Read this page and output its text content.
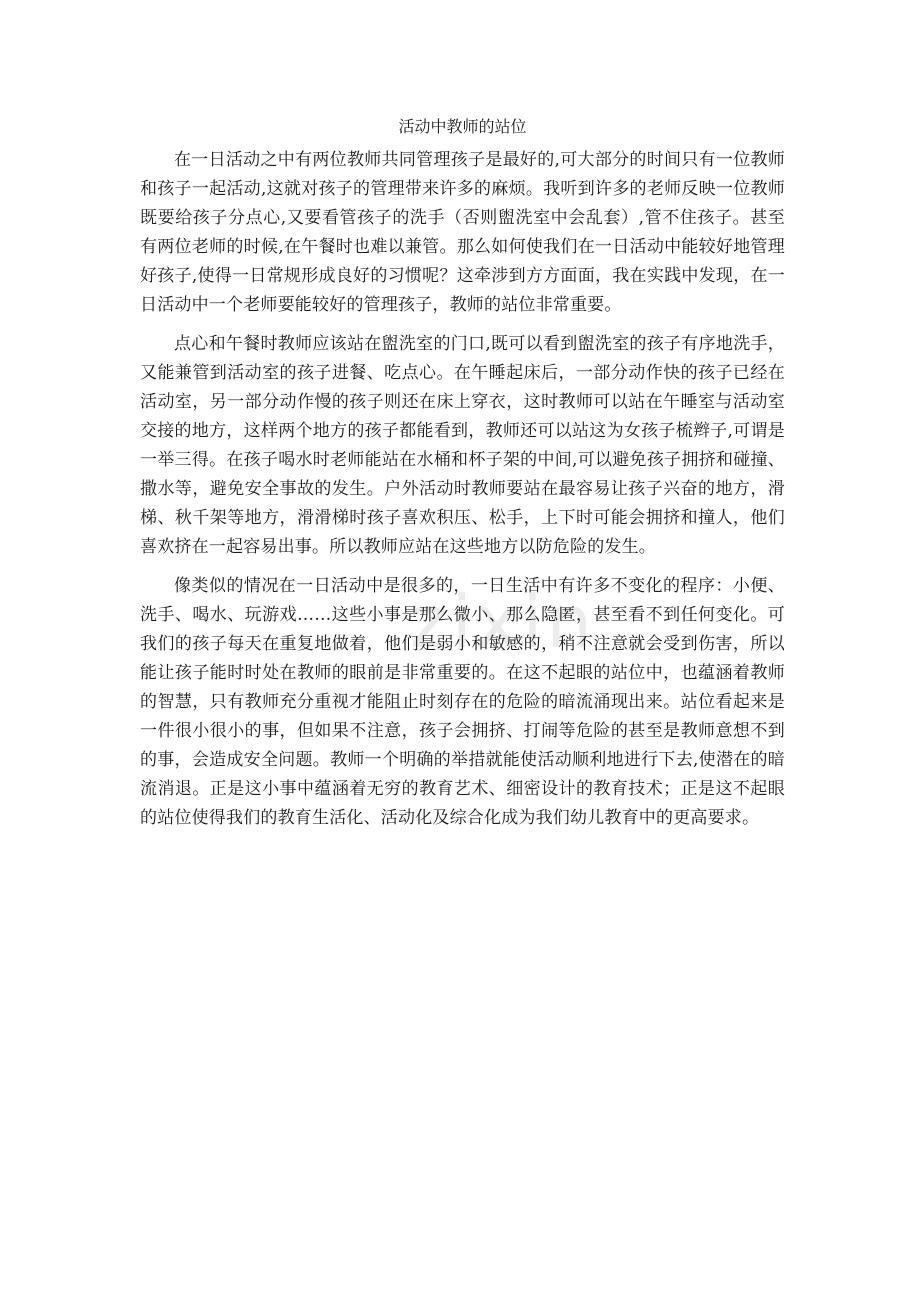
zixin
活动中教师的站位

在一日活动之中有两位教师共同管理孩子是最好的,可大部分的时间只有一位教师和孩子一起活动,这就对孩子的管理带来许多的麻烦。我听到许多的老师反映一位教师既要给孩子分点心,又要看管孩子的洗手（否则盥洗室中会乱套）,管不住孩子。甚至有两位老师的时候,在午餐时也难以兼管。那么如何使我们在一日活动中能较好地管理好孩子,使得一日常规形成良好的习惯呢？这牵涉到方方面面，我在实践中发现，在一日活动中一个老师要能较好的管理孩子，教师的站位非常重要。

点心和午餐时教师应该站在盥洗室的门口,既可以看到盥洗室的孩子有序地洗手，又能兼管到活动室的孩子进餐、吃点心。在午睡起床后，一部分动作快的孩子已经在活动室，另一部分动作慢的孩子则还在床上穿衣，这时教师可以站在午睡室与活动室交接的地方，这样两个地方的孩子都能看到，教师还可以站这为女孩子梳辫子,可谓是一举三得。在孩子喝水时老师能站在水桶和杯子架的中间,可以避免孩子拥挤和碰撞、撒水等，避免安全事故的发生。户外活动时教师要站在最容易让孩子兴奋的地方，滑梯、秋千架等地方，滑滑梯时孩子喜欢积压、松手，上下时可能会拥挤和撞人，他们喜欢挤在一起容易出事。所以教师应站在这些地方以防危险的发生。

像类似的情况在一日活动中是很多的，一日生活中有许多不变化的程序：小便、洗手、喝水、玩游戏……这些小事是那么微小、那么隐匿，甚至看不到任何变化。可我们的孩子每天在重复地做着，他们是弱小和敏感的，稍不注意就会受到伤害，所以能让孩子能时时处在教师的眼前是非常重要的。在这不起眼的站位中，也蕴涵着教师的智慧，只有教师充分重视才能阻止时刻存在的危险的暗流涌现出来。站位看起来是一件很小很小的事，但如果不注意，孩子会拥挤、打闹等危险的甚至是教师意想不到的事，会造成安全问题。教师一个明确的举措就能使活动顺利地进行下去,使潜在的暗流消退。正是这小事中蕴涵着无穷的教育艺术、细密设计的教育技术；正是这不起眼的站位使得我们的教育生活化、活动化及综合化成为我们幼儿教育中的更高要求。
